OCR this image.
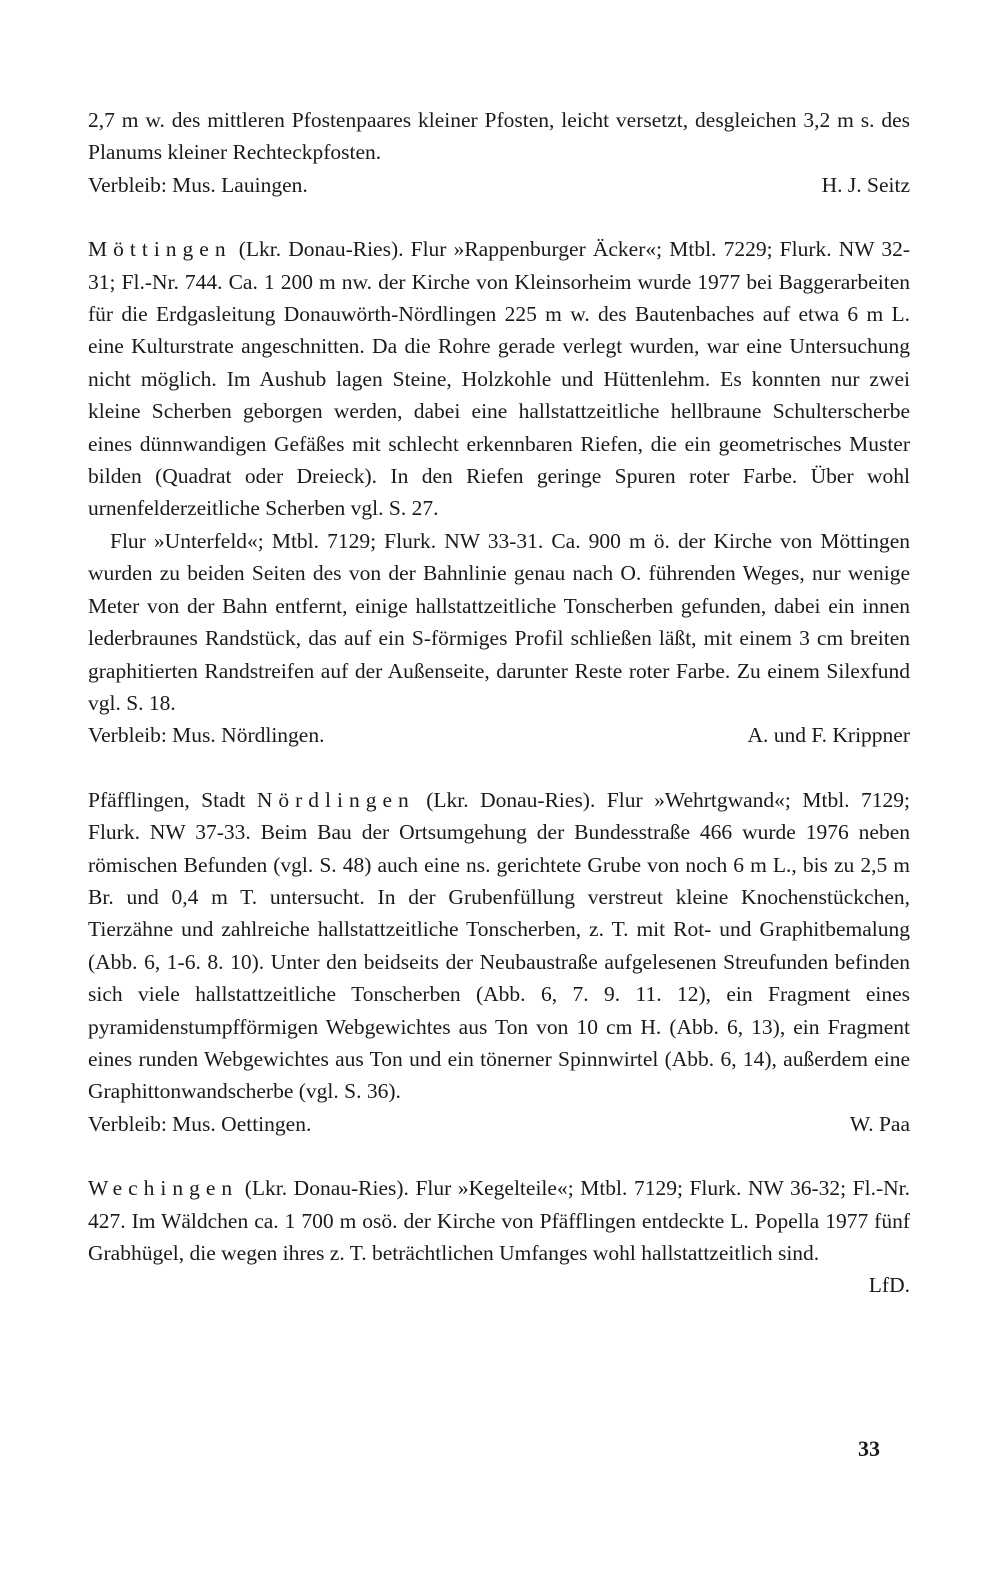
2,7 m w. des mittleren Pfostenpaares kleiner Pfosten, leicht versetzt, desgleichen 3,2 m s. des Planums kleiner Rechteckpfosten.

Verbleib: Mus. Lauingen.	H. J. Seitz

Möttingen (Lkr. Donau-Ries). Flur »Rappenburger Äcker«; Mtbl. 7229; Flurk. NW 32-31; Fl.-Nr. 744. Ca. 1 200 m nw. der Kirche von Kleinsorheim wurde 1977 bei Baggerarbeiten für die Erdgasleitung Donauwörth-Nördlingen 225 m w. des Bautenbaches auf etwa 6 m L. eine Kulturstrate angeschnitten. Da die Rohre gerade verlegt wurden, war eine Untersuchung nicht möglich. Im Aushub lagen Steine, Holzkohle und Hüttenlehm. Es konnten nur zwei kleine Scherben geborgen werden, dabei eine hallstattzeitliche hellbraune Schulterscherbe eines dünnwandigen Gefäßes mit schlecht erkennbaren Riefen, die ein geometrisches Muster bilden (Quadrat oder Dreieck). In den Riefen geringe Spuren roter Farbe. Über wohl urnenfelderzeitliche Scherben vgl. S. 27.

Flur »Unterfeld«; Mtbl. 7129; Flurk. NW 33-31. Ca. 900 m ö. der Kirche von Möttingen wurden zu beiden Seiten des von der Bahnlinie genau nach O. führenden Weges, nur wenige Meter von der Bahn entfernt, einige hallstattzeitliche Tonscherben gefunden, dabei ein innen lederbraunes Randstück, das auf ein S-förmiges Profil schließen läßt, mit einem 3 cm breiten graphitierten Randstreifen auf der Außenseite, darunter Reste roter Farbe. Zu einem Silexfund vgl. S. 18.

Verbleib: Mus. Nördlingen.	A. und F. Krippner

Pfäfflingen, Stadt Nördlingen (Lkr. Donau-Ries). Flur »Wehrtgwand«; Mtbl. 7129; Flurk. NW 37-33. Beim Bau der Ortsumgehung der Bundesstraße 466 wurde 1976 neben römischen Befunden (vgl. S. 48) auch eine ns. gerichtete Grube von noch 6 m L., bis zu 2,5 m Br. und 0,4 m T. untersucht. In der Grubenfüllung verstreut kleine Knochenstückchen, Tierzähne und zahlreiche hallstattzeitliche Tonscherben, z. T. mit Rot- und Graphitbemalung (Abb. 6, 1-6. 8. 10). Unter den beidseits der Neubaustraße aufgelesenen Streufunden befinden sich viele hallstattzeitliche Tonscherben (Abb. 6, 7. 9. 11. 12), ein Fragment eines pyramidenstumpfförmigen Webgewichtes aus Ton von 10 cm H. (Abb. 6, 13), ein Fragment eines runden Webgewichtes aus Ton und ein tönerner Spinnwirtel (Abb. 6, 14), außerdem eine Graphittonwandscherbe (vgl. S. 36).

Verbleib: Mus. Oettingen.	W. Paa

Wechingen (Lkr. Donau-Ries). Flur »Kegelteile«; Mtbl. 7129; Flurk. NW 36-32; Fl.-Nr. 427. Im Wäldchen ca. 1 700 m osö. der Kirche von Pfäfflingen entdeckte L. Popella 1977 fünf Grabhügel, die wegen ihres z. T. beträchtlichen Umfanges wohl hallstattzeitlich sind.

LfD.
33
